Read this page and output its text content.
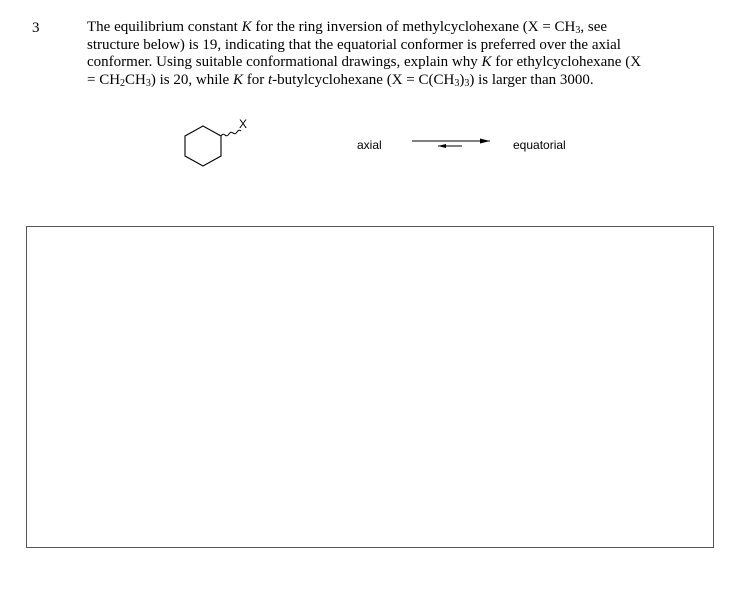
3	The equilibrium constant K for the ring inversion of methylcyclohexane ($X = CH_3$, see
structure below) is 19, indicating that the equatorial conformer is preferred over the axial
conformer. Using suitable conformational drawings, explain why K for ethylcyclohexane (X
= $CH_2CH_3$) is 20, while K for t-butylcyclohexane $(X = C(CH_3)_3)$ is larger than 3000.
X
axial	equatorial
